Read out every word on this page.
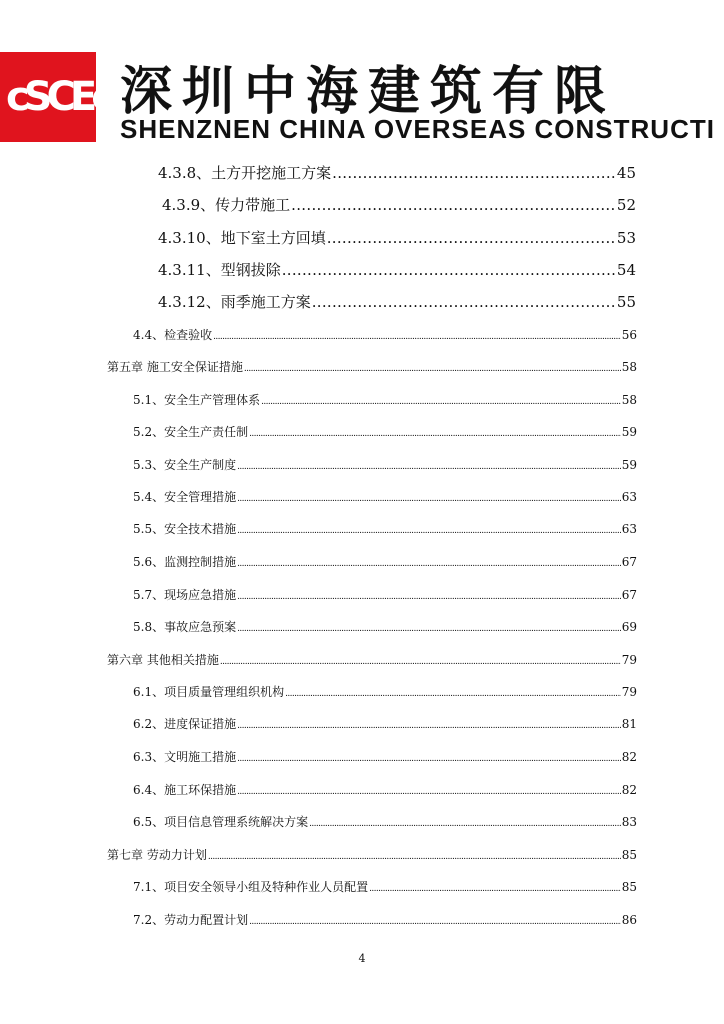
cSCEc 深圳中海建筑有限
SHENZNEN CHINA OVERSEAS CONSTRUCTI
4.3.8、土方开挖施工方案 .....	45
4.3.9、传力带施工 .....	52
4.3.10、地下室土方回填 .....	53
4.3.11、型钢拔除 .....	54
4.3.12、雨季施工方案 .....	55
4.4、检查验收 .....	56
第五章 施工安全保证措施 .....	58
5.1、安全生产管理体系 .....	58
5.2、安全生产责任制 .....	59
5.3、安全生产制度 .....	59
5.4、安全管理措施 .....	63
5.5、安全技术措施 .....	63
5.6、监测控制措施 .....	67
5.7、现场应急措施 .....	67
5.8、事故应急预案 .....	69
第六章 其他相关措施 .....	79
6.1、项目质量管理组织机构 .....	79
6.2、进度保证措施 .....	81
6.3、文明施工措施 .....	82
6.4、施工环保措施 .....	82
6.5、项目信息管理系统解决方案 .....	83
第七章 劳动力计划 .....	85
7.1、项目安全领导小组及特种作业人员配置 .....	85
7.2、劳动力配置计划 .....	86
4
